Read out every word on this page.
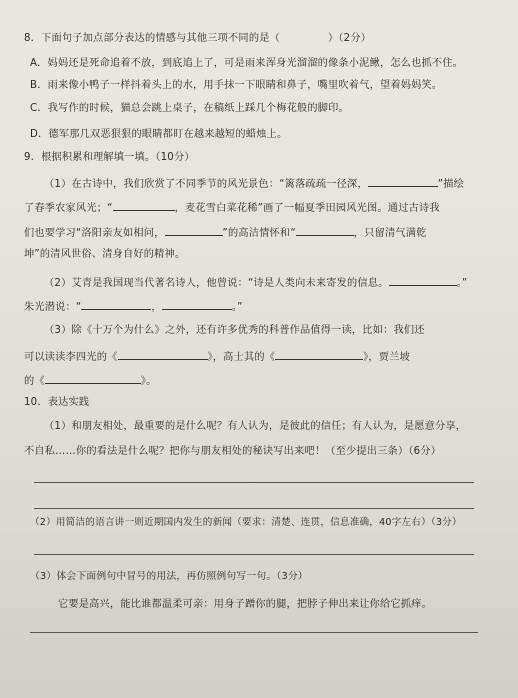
8．下面句子加点部分表达的情感与其他三项不同的是（	）（2分）
A．妈妈还是死命追着不放，到底追上了，可是雨来浑身光溜溜的像条小泥鳅，怎么也抓不住。
B．雨来像小鸭子一样抖着头上的水，用手抹一下眼睛和鼻子，嘴里吹着气，望着妈妈笑。
C．我写作的时候，猫总会跳上桌子，在稿纸上踩几个梅花般的脚印。
D．德军那几双恶狠狠的眼睛都盯在越来越短的蜡烛上。
9．根据积累和理解填一填。（10分）
（1）在古诗中，我们欣赏了不同季节的风光景色：“篱落疏疏一径深，	”描绘
了春季农家风光；“	，麦花雪白菜花稀”画了一幅夏季田园风光图。通过古诗我
们也要学习“洛阳亲友如相问，	”的高洁情怀和“	，只留清气满乾
坤”的清风世俗、清身自好的精神。
（2）艾青是我国现当代著名诗人，他曾说：“诗是人类向未来寄发的信息。	。”
朱光潜说：“	，	。”
（3）除《十万个为什么》之外，还有许多优秀的科普作品值得一读，比如：我们还
可以读读李四光的《	》，高士其的《	》，贾兰坡
的《	》。
10．表达实践
（1）和朋友相处，最重要的是什么呢？有人认为，是彼此的信任；有人认为，是愿意分享，
不自私……你的看法是什么呢？把你与朋友相处的秘诀写出来吧！（至少提出三条）（6分）
（2）用简洁的语言讲一则近期国内发生的新闻（要求：清楚、连贯，信息准确，40字左右）（3分）
（3）体会下面例句中冒号的用法，再仿照例句写一句。（3分）
它要是高兴，能比谁都温柔可亲：用身子蹭你的腿，把脖子伸出来让你给它抓痒。
